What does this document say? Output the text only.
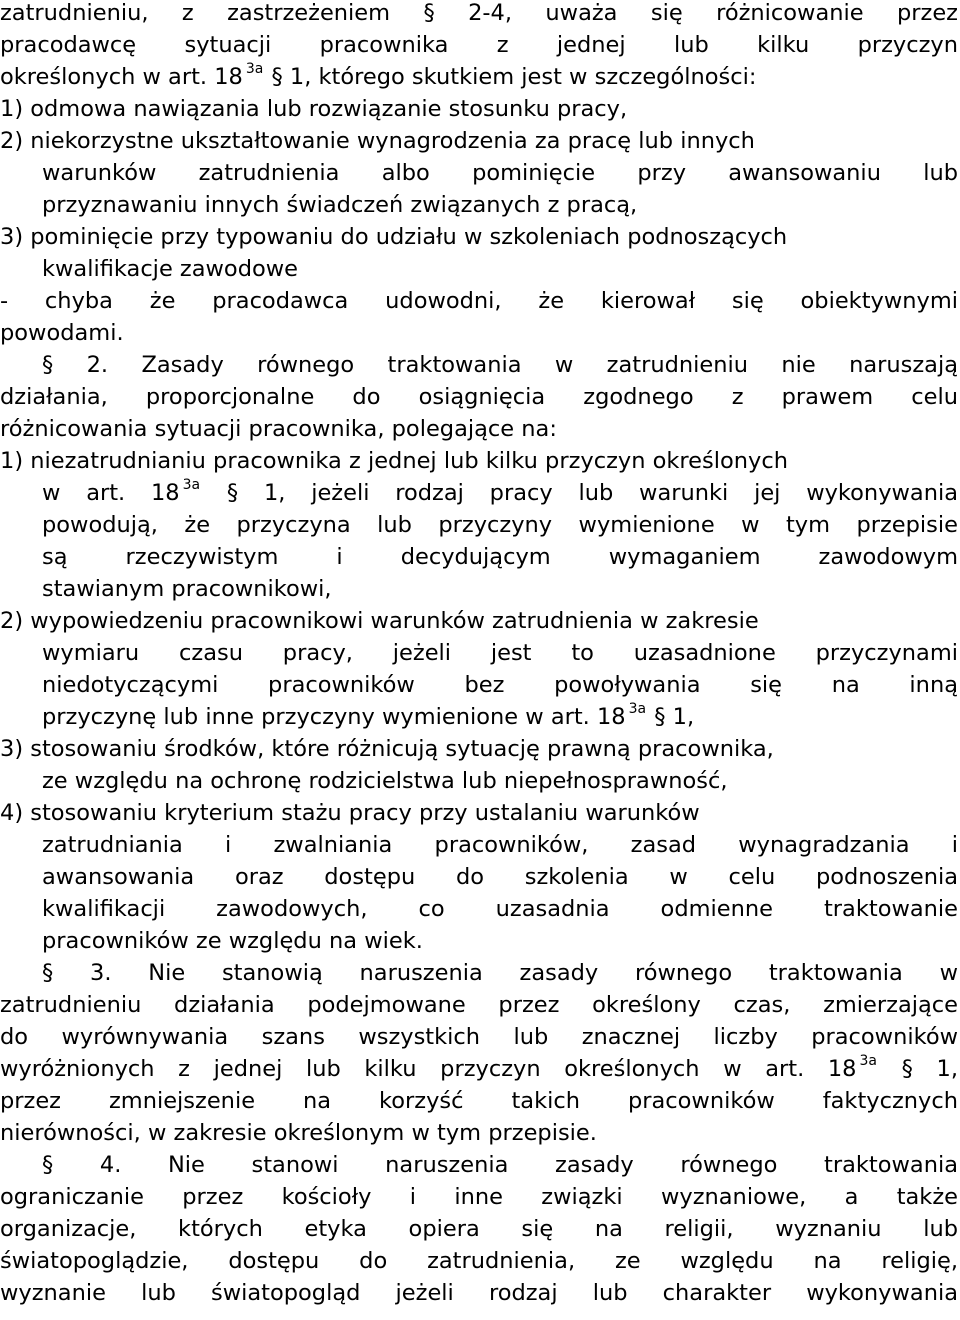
zatrudnieniu, z zastrzeżeniem § 2-4, uważa się różnicowanie przez
pracodawcę sytuacji pracownika z jednej lub kilku przyczyn
określonych w art. 18 $^{3a}$ § 1, którego skutkiem jest w szczególności:
1) odmowa nawiązania lub rozwiązanie stosunku pracy,
2) niekorzystne ukształtowanie wynagrodzenia za pracę lub innych
warunków zatrudnienia albo pominięcie przy awansowaniu lub
przyznawaniu innych świadczeń związanych z pracą,
3) pominięcie przy typowaniu do udziału w szkoleniach podnoszących
kwalifikacje zawodowe
- chyba że pracodawca udowodni, że kierował się obiektywnymi
powodami.
§ 2. Zasady równego traktowania w zatrudnieniu nie naruszają
działania, proporcjonalne do osiągnięcia zgodnego z prawem celu
różnicowania sytuacji pracownika, polegające na:
1) niezatrudnianiu pracownika z jednej lub kilku przyczyn określonych
w art. 18 $^{3a}$ § 1, jeżeli rodzaj pracy lub warunki jej wykonywania
powodują, że przyczyna lub przyczyny wymienione w tym przepisie
są rzeczywistym i decydującym wymaganiem zawodowym
stawianym pracownikowi,
2) wypowiedzeniu pracownikowi warunków zatrudnienia w zakresie
wymiaru czasu pracy, jeżeli jest to uzasadnione przyczynami
niedotyczącymi pracowników bez powoływania się na inną
przyczynę lub inne przyczyny wymienione w art. 18 $^{3a}$ § 1,
3) stosowaniu środków, które różnicują sytuację prawną pracownika,
ze względu na ochronę rodzicielstwa lub niepełnosprawność,
4) stosowaniu kryterium stażu pracy przy ustalaniu warunków
zatrudniania i zwalniania pracowników, zasad wynagradzania i
awansowania oraz dostępu do szkolenia w celu podnoszenia
kwalifikacji zawodowych, co uzasadnia odmienne traktowanie
pracowników ze względu na wiek.
§ 3. Nie stanowią naruszenia zasady równego traktowania w
zatrudnieniu działania podejmowane przez określony czas, zmierzające
do wyrównywania szans wszystkich lub znacznej liczby pracowników
wyróżnionych z jednej lub kilku przyczyn określonych w art. 18 $^{3a}$ § 1,
przez zmniejszenie na korzyść takich pracowników faktycznych
nierówności, w zakresie określonym w tym przepisie.
§ 4. Nie stanowi naruszenia zasady równego traktowania
ograniczanie przez kościoły i inne związki wyznaniowe, a także
organizacje, których etyka opiera się na religii, wyznaniu lub
światopoglądzie, dostępu do zatrudnienia, ze względu na religię,
wyznanie lub światopogląd jeżeli rodzaj lub charakter wykonywania
